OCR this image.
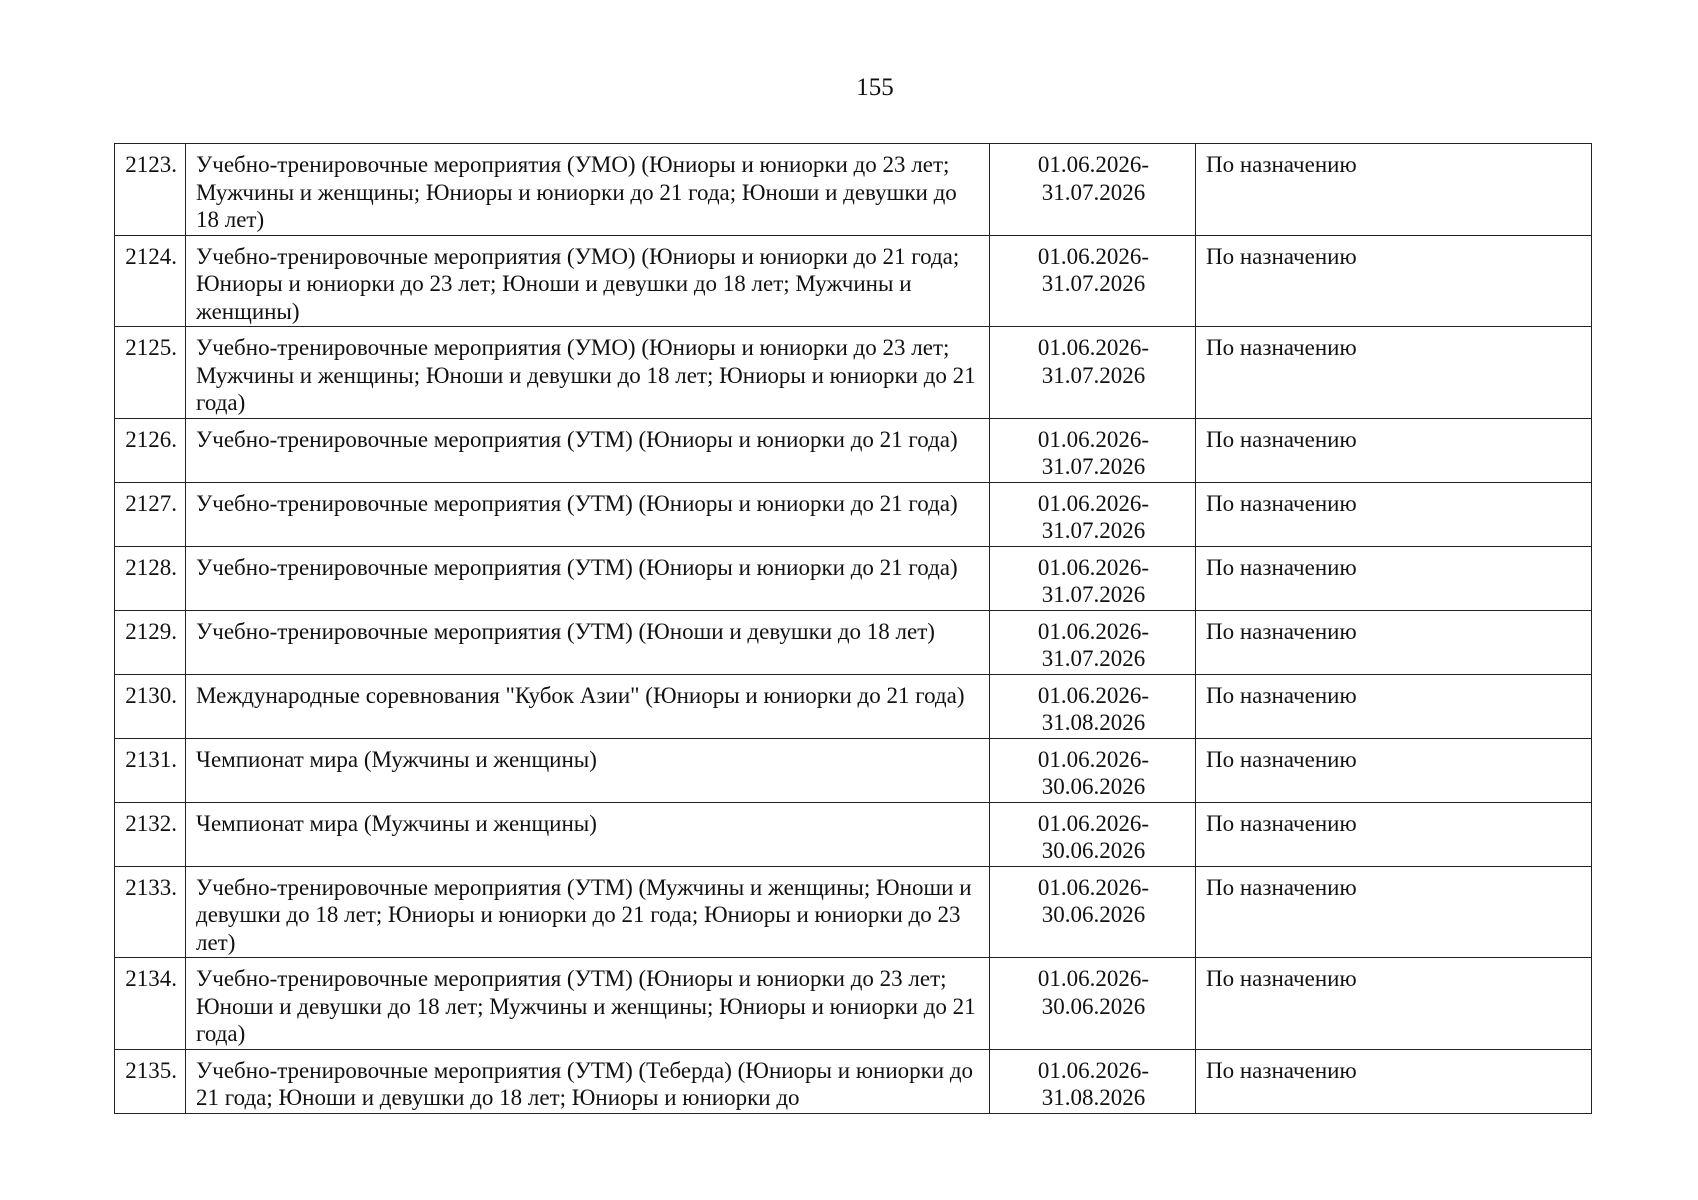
155
2123.	Учебно-тренировочные мероприятия (УМО) (Юниоры и юниорки до 23 лет; Мужчины и женщины; Юниоры и юниорки до 21 года; Юноши и девушки до 18 лет)	01.06.2026-
31.07.2026	По назначению
2124.	Учебно-тренировочные мероприятия (УМО) (Юниоры и юниорки до 21 года; Юниоры и юниорки до 23 лет; Юноши и девушки до 18 лет; Мужчины и женщины)	01.06.2026-
31.07.2026	По назначению
2125.	Учебно-тренировочные мероприятия (УМО) (Юниоры и юниорки до 23 лет; Мужчины и женщины; Юноши и девушки до 18 лет; Юниоры и юниорки до 21 года)	01.06.2026-
31.07.2026	По назначению
2126.	Учебно-тренировочные мероприятия (УТМ) (Юниоры и юниорки до 21 года)	01.06.2026-
31.07.2026	По назначению
2127.	Учебно-тренировочные мероприятия (УТМ) (Юниоры и юниорки до 21 года)	01.06.2026-
31.07.2026	По назначению
2128.	Учебно-тренировочные мероприятия (УТМ) (Юниоры и юниорки до 21 года)	01.06.2026-
31.07.2026	По назначению
2129.	Учебно-тренировочные мероприятия (УТМ) (Юноши и девушки до 18 лет)	01.06.2026-
31.07.2026	По назначению
2130.	Международные соревнования "Кубок Азии" (Юниоры и юниорки до 21 года)	01.06.2026-
31.08.2026	По назначению
2131.	Чемпионат мира (Мужчины и женщины)	01.06.2026-
30.06.2026	По назначению
2132.	Чемпионат мира (Мужчины и женщины)	01.06.2026-
30.06.2026	По назначению
2133.	Учебно-тренировочные мероприятия (УТМ) (Мужчины и женщины; Юноши и девушки до 18 лет; Юниоры и юниорки до 21 года; Юниоры и юниорки до 23 лет)	01.06.2026-
30.06.2026	По назначению
2134.	Учебно-тренировочные мероприятия (УТМ) (Юниоры и юниорки до 23 лет; Юноши и девушки до 18 лет; Мужчины и женщины; Юниоры и юниорки до 21 года)	01.06.2026-
30.06.2026	По назначению
2135.	Учебно-тренировочные мероприятия (УТМ) (Теберда) (Юниоры и юниорки до 21 года; Юноши и девушки до 18 лет; Юниоры и юниорки до	01.06.2026-
31.08.2026	По назначению
